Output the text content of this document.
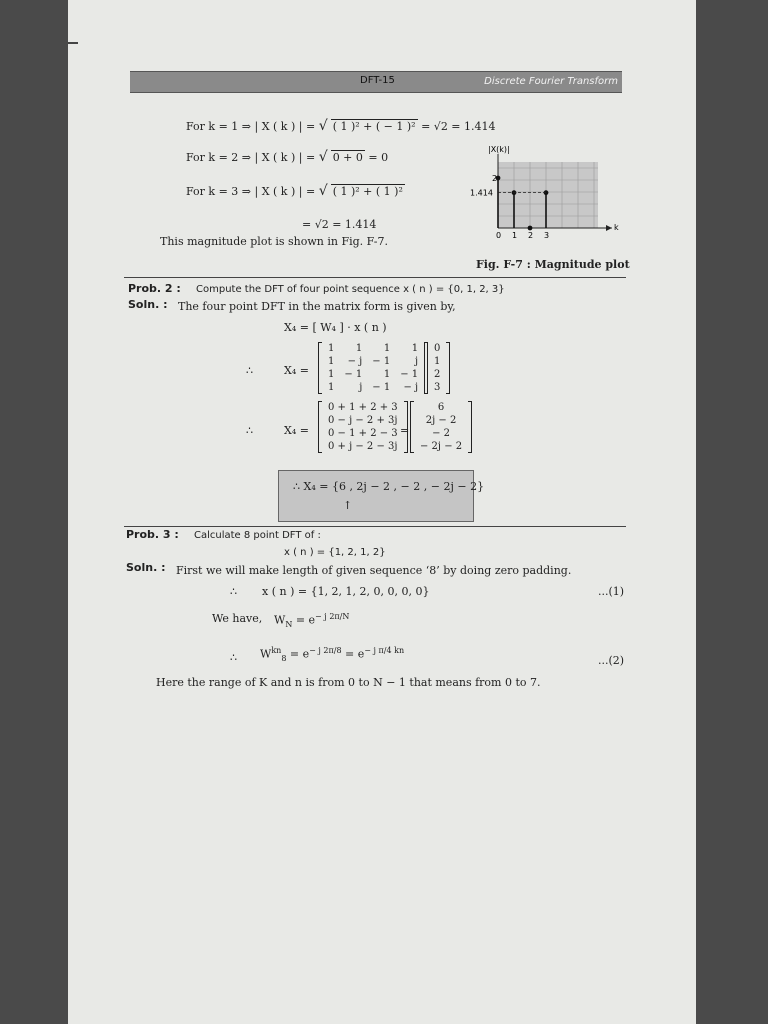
DFT-15	Discrete Fourier Transform
For k = 1 ⇒ | X ( k ) | = √ ( 1 )² + ( − 1 )² = √2 = 1.414
For k = 2 ⇒ | X ( k ) | = √ 0 + 0 = 0
For k = 3 ⇒ | X ( k ) | = √ ( 1 )² + ( 1 )²
= √2 = 1.414
This magnitude plot is shown in Fig. F-7.
|X(k)|
k
0 1 2 3
2
1.414
Fig. F-7 : Magnitude plot
Prob. 2 : Compute the DFT of four point sequence x ( n ) = {0, 1, 2, 3}
Soln. : The four point DFT in the matrix form is given by,
X₄ = [ W₄ ] · x ( n )
∴	X₄ =
1	1	1	1
1	− j	− 1	j
1	− 1	1	− 1
1	j	− 1	− j
0
1
2
3
∴	X₄ =
0 + 1 + 2 + 3
0 − j − 2 + 3j
0 − 1 + 2 − 3
0 + j − 2 − 3j
=
6
2j − 2
− 2
− 2j − 2
∴ X₄ = {6 , 2j − 2 , − 2 , − 2j − 2}
↑
Prob. 3 : Calculate 8 point DFT of :
x ( n ) = {1, 2, 1, 2}
Soln. : First we will make length of given sequence ‘8’ by doing zero padding.
∴ x ( n ) = {1, 2, 1, 2, 0, 0, 0, 0}	...(1)
We have, $W_N = e^{- j 2\pi/N}$
∴ $W^{kn}_8 = e^{- j 2\pi/8} = e^{- j \pi/4 kn}$
...(2)
Here the range of K and n is from 0 to N − 1 that means from 0 to 7.
